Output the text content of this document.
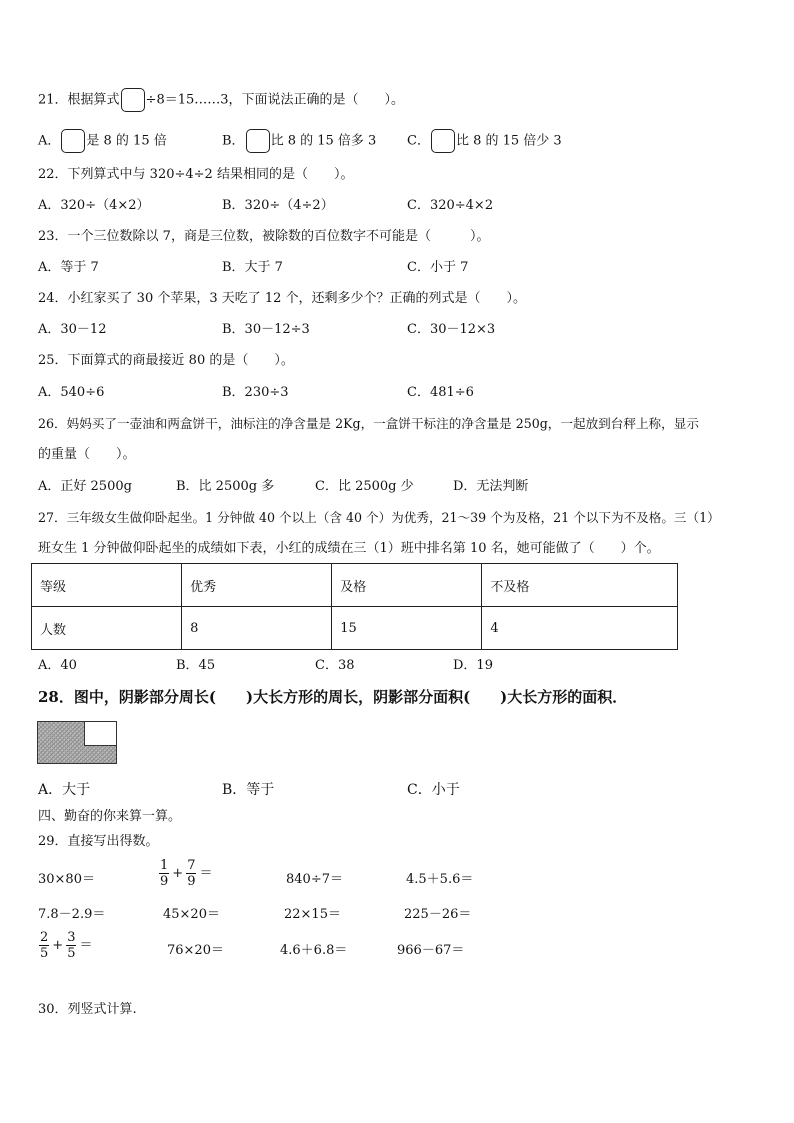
21．根据算式 ÷8＝15……3，下面说法正确的是（　　）。
A． 是 8 的 15 倍	B． 比 8 的 15 倍多 3 C． 比 8 的 15 倍少 3
22．下列算式中与 320÷4÷2 结果相同的是（　　）。
A．320÷（4×2）	B．320÷（4÷2）	C．320÷4×2
23．一个三位数除以 7，商是三位数，被除数的百位数字不可能是（　　　）。
A．等于 7	B．大于 7	C．小于 7
24．小红家买了 30 个苹果，3 天吃了 12 个，还剩多少个？正确的列式是（　　）。
A．30－12	B．30－12÷3	C．30－12×3
25．下面算式的商最接近 80 的是（　　）。
A．540÷6	B．230÷3	C．481÷6
26．妈妈买了一壶油和两盒饼干，油标注的净含量是 2Kg，一盒饼干标注的净含量是 250g，一起放到台秤上称，显示
的重量（　　）。
A．正好 2500g	B．比 2500g 多	C．比 2500g 少	D．无法判断
27．三年级女生做仰卧起坐。1 分钟做 40 个以上（含 40 个）为优秀，21～39 个为及格，21 个以下为不及格。三（1）
班女生 1 分钟做仰卧起坐的成绩如下表，小红的成绩在三（1）班中排名第 10 名，她可能做了（　　）个。
等级	优秀	及格	不及格
人数	8	15	4
A．40	B．45	C．38	D．19
28．图中，阴影部分周长(　　)大长方形的周长，阴影部分面积(　　)大长方形的面积．
A．大于	B．等于	C．小于
四、勤奋的你来算一算。
29．直接写出得数。
30×80＝	$\frac{1}{9} + \frac{7}{9}$ ＝	840÷7＝	4.5＋5.6＝
7.8－2.9＝	45×20＝	22×15＝	225－26＝
$\frac{2}{5} + \frac{3}{5}$ ＝	76×20＝	4.6＋6.8＝	966－67＝
30．列竖式计算.
